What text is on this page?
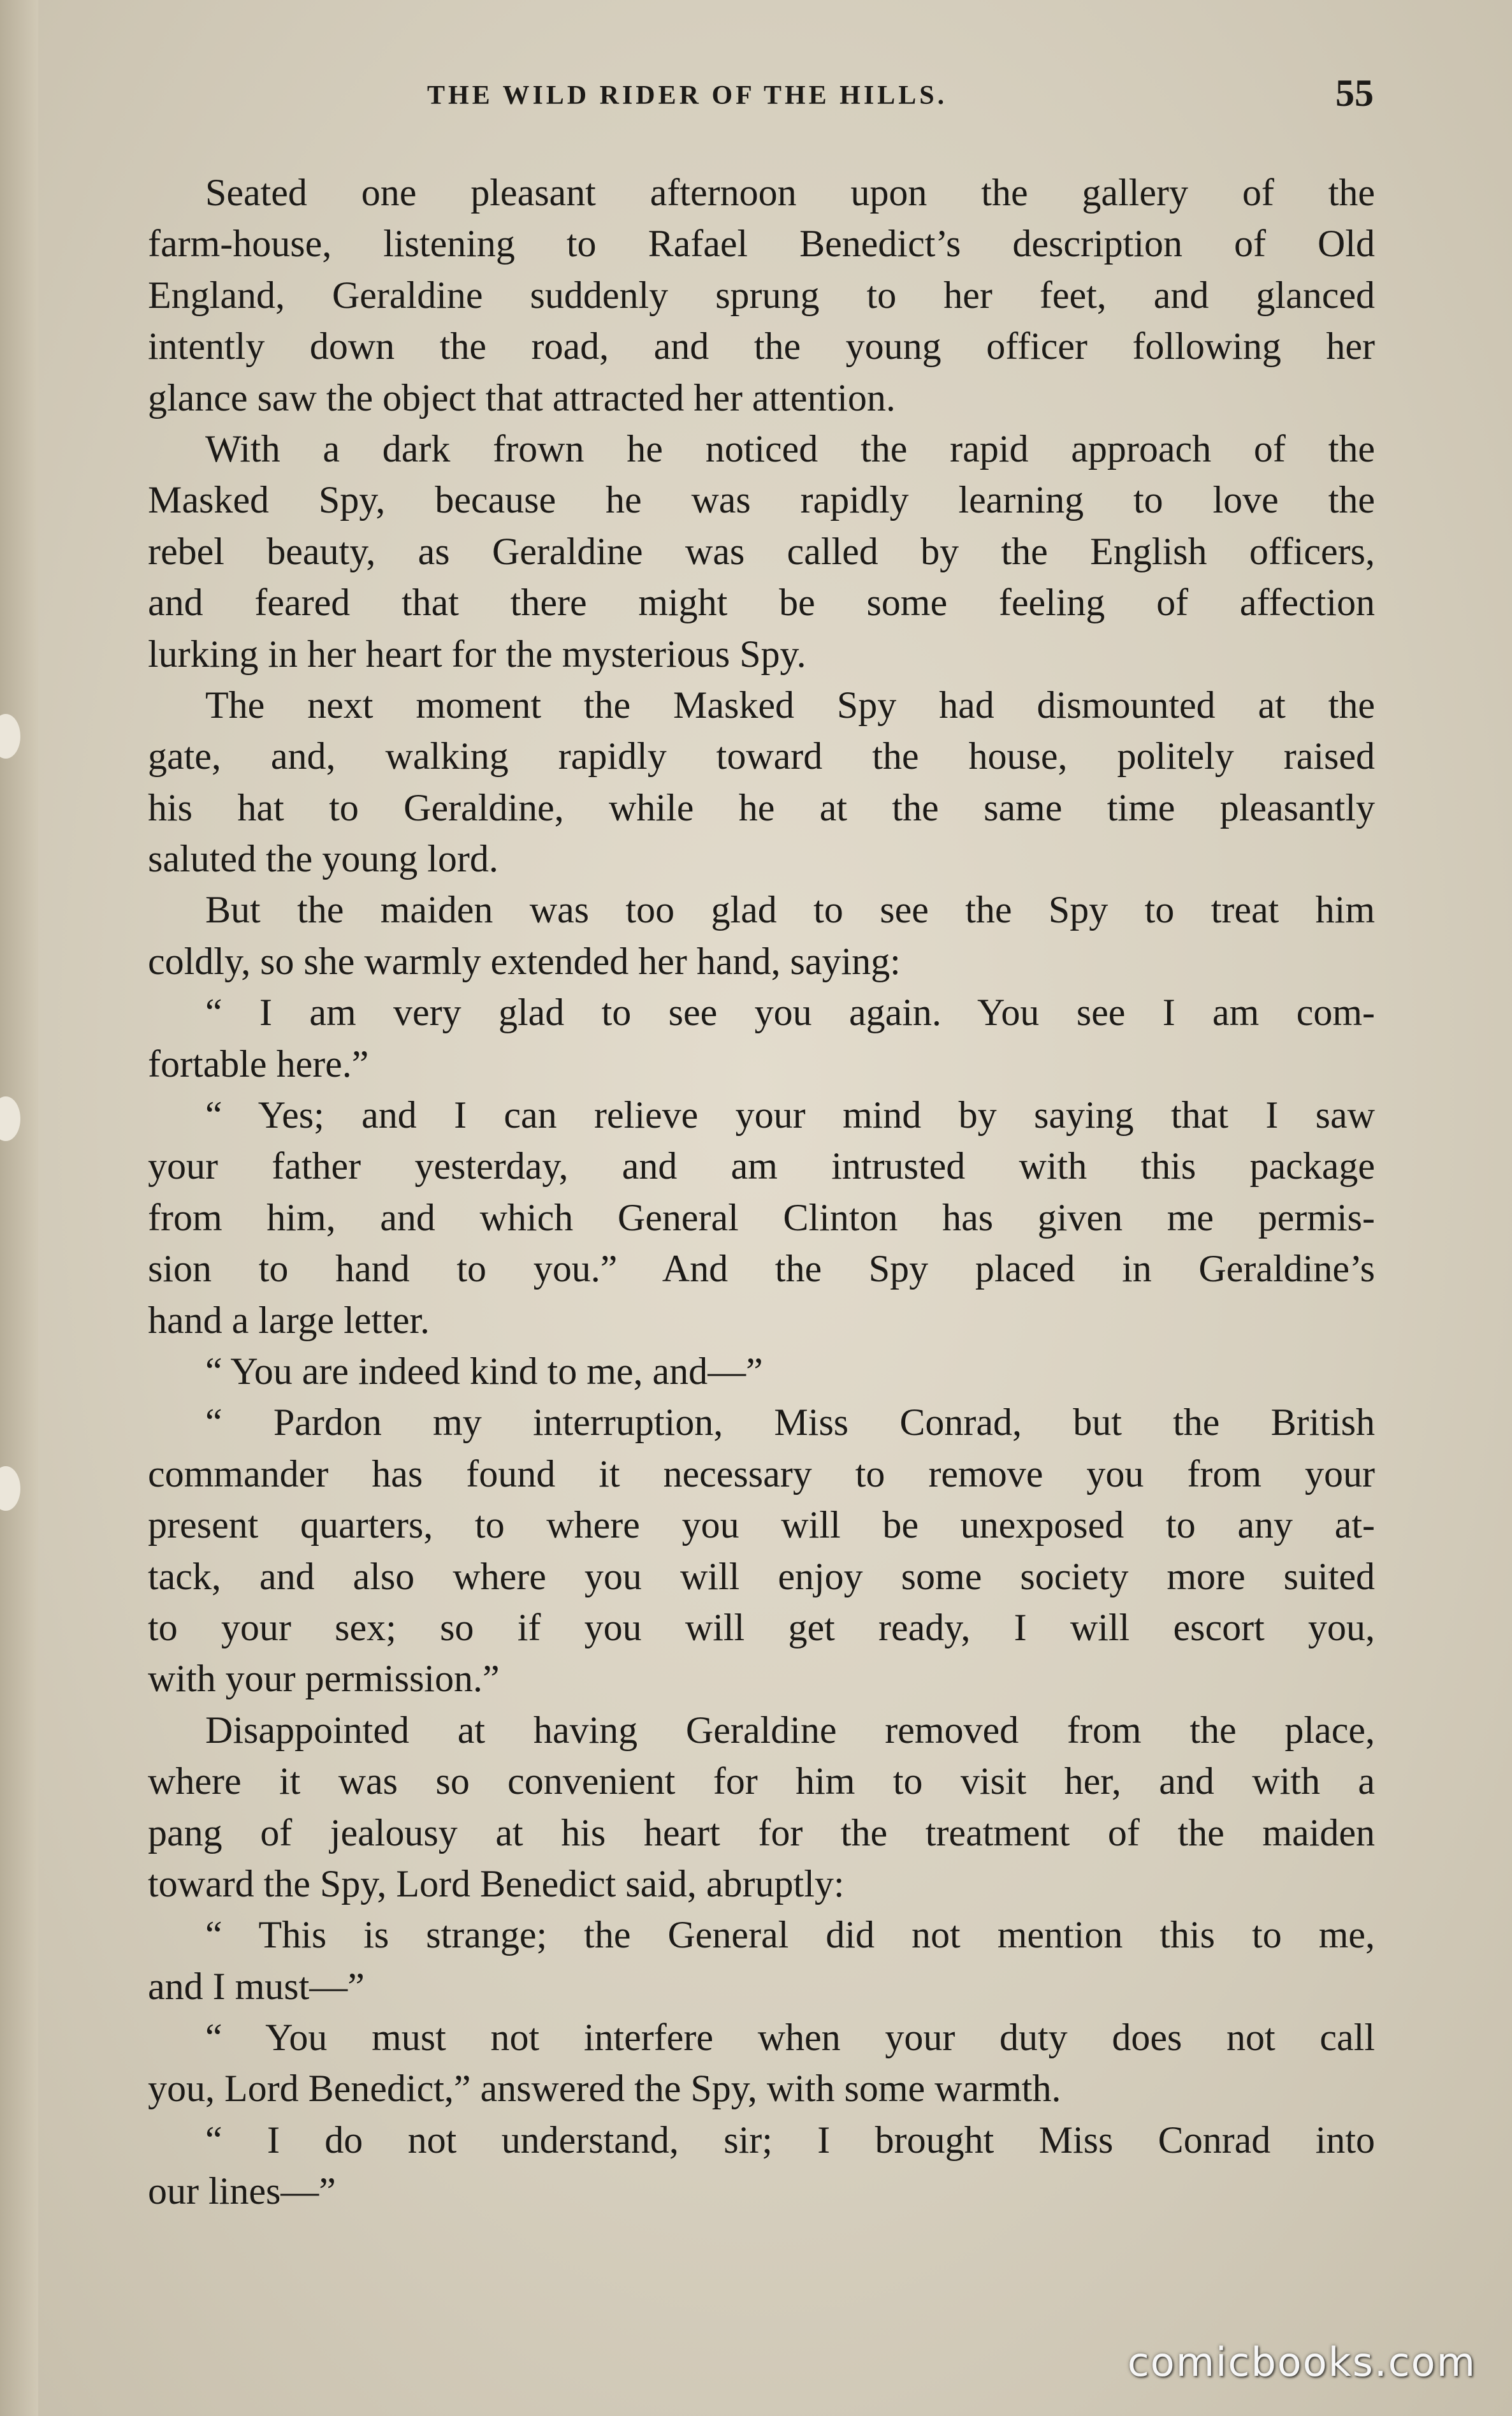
THE WILD RIDER OF THE HILLS.	55
Seated one pleasant afternoon upon the gallery of the
farm-house, listening to Rafael Benedict’s description of Old
England, Geraldine suddenly sprung to her feet, and glanced
intently down the road, and the young officer following her
glance saw the object that attracted her attention.
With a dark frown he noticed the rapid approach of the
Masked Spy, because he was rapidly learning to love the
rebel beauty, as Geraldine was called by the English officers,
and feared that there might be some feeling of affection
lurking in her heart for the mysterious Spy.
The next moment the Masked Spy had dismounted at the
gate, and, walking rapidly toward the house, politely raised
his hat to Geraldine, while he at the same time pleasantly
saluted the young lord.
But the maiden was too glad to see the Spy to treat him
coldly, so she warmly extended her hand, saying:
“ I am very glad to see you again. You see I am com-
fortable here.”
“ Yes; and I can relieve your mind by saying that I saw
your father yesterday, and am intrusted with this package
from him, and which General Clinton has given me permis-
sion to hand to you.” And the Spy placed in Geraldine’s
hand a large letter.
“ You are indeed kind to me, and—”
“ Pardon my interruption, Miss Conrad, but the British
commander has found it necessary to remove you from your
present quarters, to where you will be unexposed to any at-
tack, and also where you will enjoy some society more suited
to your sex; so if you will get ready, I will escort you,
with your permission.”
Disappointed at having Geraldine removed from the place,
where it was so convenient for him to visit her, and with a
pang of jealousy at his heart for the treatment of the maiden
toward the Spy, Lord Benedict said, abruptly:
“ This is strange; the General did not mention this to me,
and I must—”
“ You must not interfere when your duty does not call
you, Lord Benedict,” answered the Spy, with some warmth.
“ I do not understand, sir; I brought Miss Conrad into
our lines—”
comicbooks.com
